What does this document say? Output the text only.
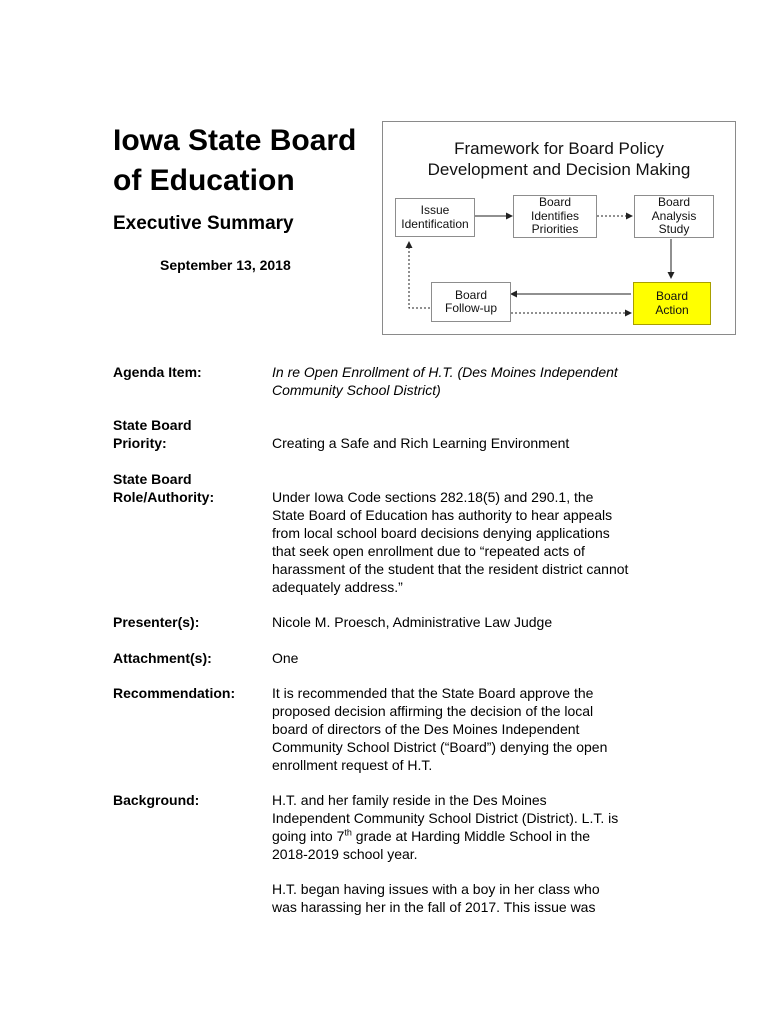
Iowa State Board
of Education
Executive Summary
September 13, 2018
Framework for Board Policy
Development and Decision Making
Issue
Identification
Board
Identifies
Priorities
Board
Analysis
Study
Board
Follow-up
Board
Action
Agenda Item:	In re Open Enrollment of H.T. (Des Moines Independent
Community School District)
State Board
Priority:	Creating a Safe and Rich Learning Environment
State Board
Role/Authority:	Under Iowa Code sections 282.18(5) and 290.1, the
State Board of Education has authority to hear appeals
from local school board decisions denying applications
that seek open enrollment due to “repeated acts of
harassment of the student that the resident district cannot
adequately address.”
Presenter(s):	Nicole M. Proesch, Administrative Law Judge
Attachment(s):	One
Recommendation:	It is recommended that the State Board approve the
proposed decision affirming the decision of the local
board of directors of the Des Moines Independent
Community School District (“Board”) denying the open
enrollment request of H.T.
Background:	H.T. and her family reside in the Des Moines
Independent Community School District (District). L.T. is
going into 7th grade at Harding Middle School in the
2018-2019 school year.
H.T. began having issues with a boy in her class who
was harassing her in the fall of 2017. This issue was
